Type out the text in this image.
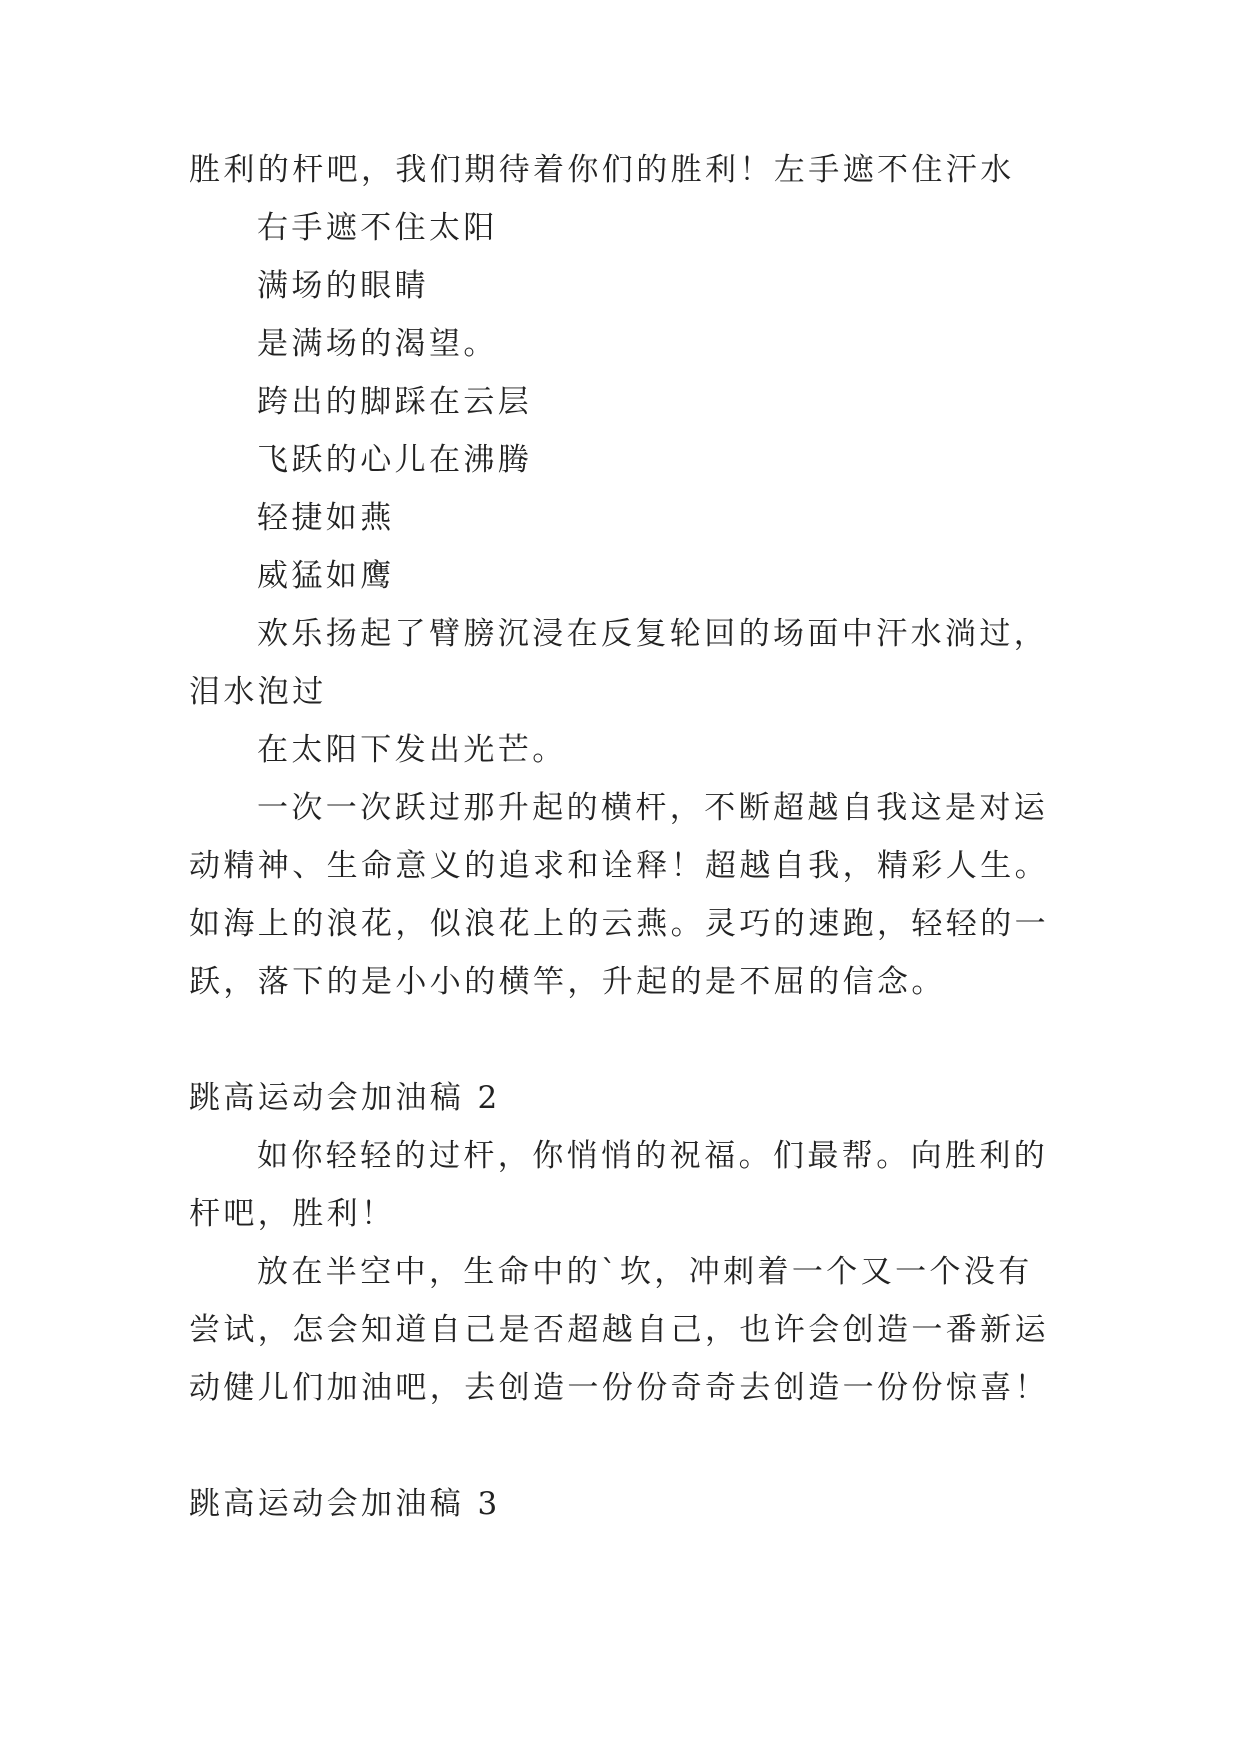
胜利的杆吧，我们期待着你们的胜利！左手遮不住汗水

右手遮不住太阳

满场的眼睛

是满场的渴望。

跨出的脚踩在云层

飞跃的心儿在沸腾

轻捷如燕

威猛如鹰

欢乐扬起了臂膀沉浸在反复轮回的场面中汗水淌过，泪水泡过

在太阳下发出光芒。

一次一次跃过那升起的横杆，不断超越自我这是对运动精神、生命意义的追求和诠释！超越自我，精彩人生。如海上的浪花，似浪花上的云燕。灵巧的速跑，轻轻的一跃，落下的是小小的横竿，升起的是不屈的信念。

跳高运动会加油稿 2

如你轻轻的过杆，你悄悄的祝福。们最帮。向胜利的杆吧，胜利！

放在半空中，生命中的`坎，冲刺着一个又一个没有尝试，怎会知道自己是否超越自己，也许会创造一番新运动健儿们加油吧，去创造一份份奇奇去创造一份份惊喜！

跳高运动会加油稿 3
